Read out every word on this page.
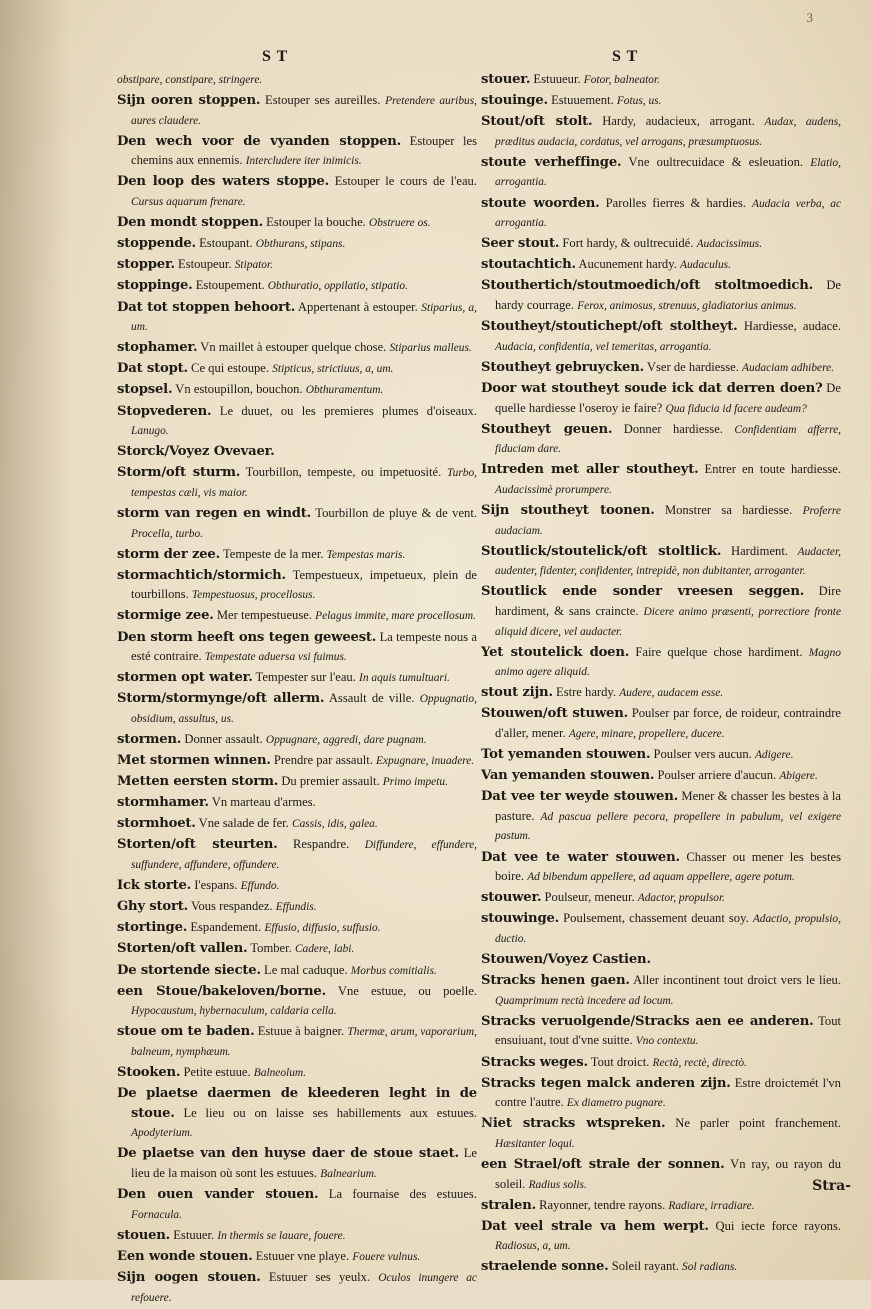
3
S T	S T

obstipare, constipare, stringere.

Sijn ooren stoppen. Estouper ses aureilles. Pretendere auribus, aures claudere.

Den wech voor de vyanden stoppen. Estouper les chemins aux ennemis. Intercludere iter inimicis.

Den loop des waters stoppe. Estouper le cours de l'eau. Cursus aquarum frenare.

Den mondt stoppen. Estouper la bouche. Obstruere os.

stoppende. Estoupant. Obthurans, stipans.

stopper. Estoupeur. Stipator.

stoppinge. Estoupement. Obthuratio, oppilatio, stipatio.

Dat tot stoppen behoort. Appertenant à estouper. Stiparius, a, um.

stophamer. Vn maillet à estouper quelque chose. Stiparius malleus.

Dat stopt. Ce qui estoupe. Stipticus, strictiuus, a, um.

stopsel. Vn estoupillon, bouchon. Obthuramentum.

Stopvederen. Le duuet, ou les premieres plumes d'oiseaux. Lanugo.

Storck/Voyez Ovevaer.

Storm/oft sturm. Tourbillon, tempeste, ou impetuosité. Turbo, tempestas cæli, vis maior.

storm van regen en windt. Tourbillon de pluye & de vent. Procella, turbo.

storm der zee. Tempeste de la mer. Tempestas maris.

stormachtich/stormich. Tempestueux, impetueux, plein de tourbillons. Tempestuosus, procellosus.

stormige zee. Mer tempestueuse. Pelagus immite, mare procellosum.

Den storm heeft ons tegen geweest. La tempeste nous a esté contraire. Tempestate aduersa vsi fuimus.

stormen opt water. Tempester sur l'eau. In aquis tumultuari.

Storm/stormynge/oft allerm. Assault de ville. Oppugnatio, obsidium, assultus, us.

stormen. Donner assault. Oppugnare, aggredi, dare pugnam.

Met stormen winnen. Prendre par assault. Expugnare, inuadere.

Metten eersten storm. Du premier assault. Primo impetu.

stormhamer. Vn marteau d'armes.

stormhoet. Vne salade de fer. Cassis, idis, galea.

Storten/oft steurten. Respandre. Diffundere, effundere, suffundere, affundere, offundere.

Ick storte. I'espans. Effundo.

Ghy stort. Vous respandez. Effundis.

stortinge. Espandement. Effusio, diffusio, suffusio.

Storten/oft vallen. Tomber. Cadere, labi.

De stortende siecte. Le mal caduque. Morbus comitialis.

een Stoue/bakeloven/borne. Vne estuue, ou poelle. Hypocaustum, hybernaculum, caldaria cella.

stoue om te baden. Estuue à baigner. Thermæ, arum, vaporarium, balneum, nymphæum.

Stooken. Petite estuue. Balneolum.

De plaetse daermen de kleederen leght in de stoue. Le lieu ou on laisse ses habillements aux estuues. Apodyterium.

De plaetse van den huyse daer de stoue staet. Le lieu de la maison où sont les estuues. Balnearium.

Den ouen vander stouen. La fournaise des estuues. Fornacula.

stouen. Estuuer. In thermis se lauare, fouere.

Een wonde stouen. Estuuer vne playe. Fouere vulnus.

Sijn oogen stouen. Estuuer ses yeulx. Oculos inungere ac refouere.

stouer. Estuueur. Fotor, balneator.

stouinge. Estuuement. Fotus, us.

Stout/oft stolt. Hardy, audacieux, arrogant. Audax, audens, præditus audacia, cordatus, vel arrogans, præsumptuosus.

stoute verheffinge. Vne oultrecuidace & esleuation. Elatio, arrogantia.

stoute woorden. Parolles fierres & hardies. Audacia verba, ac arrogantia.

Seer stout. Fort hardy, & oultrecuidé. Audacissimus.

stoutachtich. Aucunement hardy. Audaculus.

Stouthertich/stoutmoedich/oft stoltmoedich. De hardy courrage. Ferox, animosus, strenuus, gladiatorius animus.

Stoutheyt/stoutichept/oft stoltheyt. Hardiesse, audace. Audacia, confidentia, vel temeritas, arrogantia.

Stoutheyt gebruycken. Vser de hardiesse. Audaciam adhibere.

Door wat stoutheyt soude ick dat derren doen? De quelle hardiesse l'oseroy ie faire? Qua fiducia id facere audeam?

Stoutheyt geuen. Donner hardiesse. Confidentiam afferre, fiduciam dare.

Intreden met aller stoutheyt. Entrer en toute hardiesse. Audacissimè prorumpere.

Sijn stoutheyt toonen. Monstrer sa hardiesse. Proferre audaciam.

Stoutlick/stoutelick/oft stoltlick. Hardiment. Audacter, audenter, fidenter, confidenter, intrepidè, non dubitanter, arroganter.

Stoutlick ende sonder vreesen seggen. Dire hardiment, & sans craincte. Dicere animo præsenti, porrectiore fronte aliquid dicere, vel audacter.

Yet stoutelick doen. Faire quelque chose hardiment. Magno animo agere aliquid.

stout zijn. Estre hardy. Audere, audacem esse.

Stouwen/oft stuwen. Poulser par force, de roideur, contraindre d'aller, mener. Agere, minare, propellere, ducere.

Tot yemanden stouwen. Poulser vers aucun. Adigere.

Van yemanden stouwen. Poulser arriere d'aucun. Abigere.

Dat vee ter weyde stouwen. Mener & chasser les bestes à la pasture. Ad pascua pellere pecora, propellere in pabulum, vel exigere pastum.

Dat vee te water stouwen. Chasser ou mener les bestes boire. Ad bibendum appellere, ad aquam appellere, agere potum.

stouwer. Poulseur, meneur. Adactor, propulsor.

stouwinge. Poulsement, chassement deuant soy. Adactio, propulsio, ductio.

Stouwen/Voyez Castien.

Stracks henen gaen. Aller incontinent tout droict vers le lieu. Quamprimum rectà incedere ad locum.

Stracks veruolgende/Stracks aen ee anderen. Tout ensuiuant, tout d'vne suitte. Vno contextu.

Stracks weges. Tout droict. Rectà, rectè, directò.

Stracks tegen malck anderen zijn. Estre droictemét l'vn contre l'autre. Ex diametro pugnare.

Niet stracks wtspreken. Ne parler point franchement. Hæsitanter loqui.

een Strael/oft strale der sonnen. Vn ray, ou rayon du soleil. Radius solis.

stralen. Rayonner, tendre rayons. Radiare, irradiare.

Dat veel strale va hem werpt. Qui iecte force rayons. Radiosus, a, um.

straelende sonne. Soleil rayant. Sol radians.

Stra-
